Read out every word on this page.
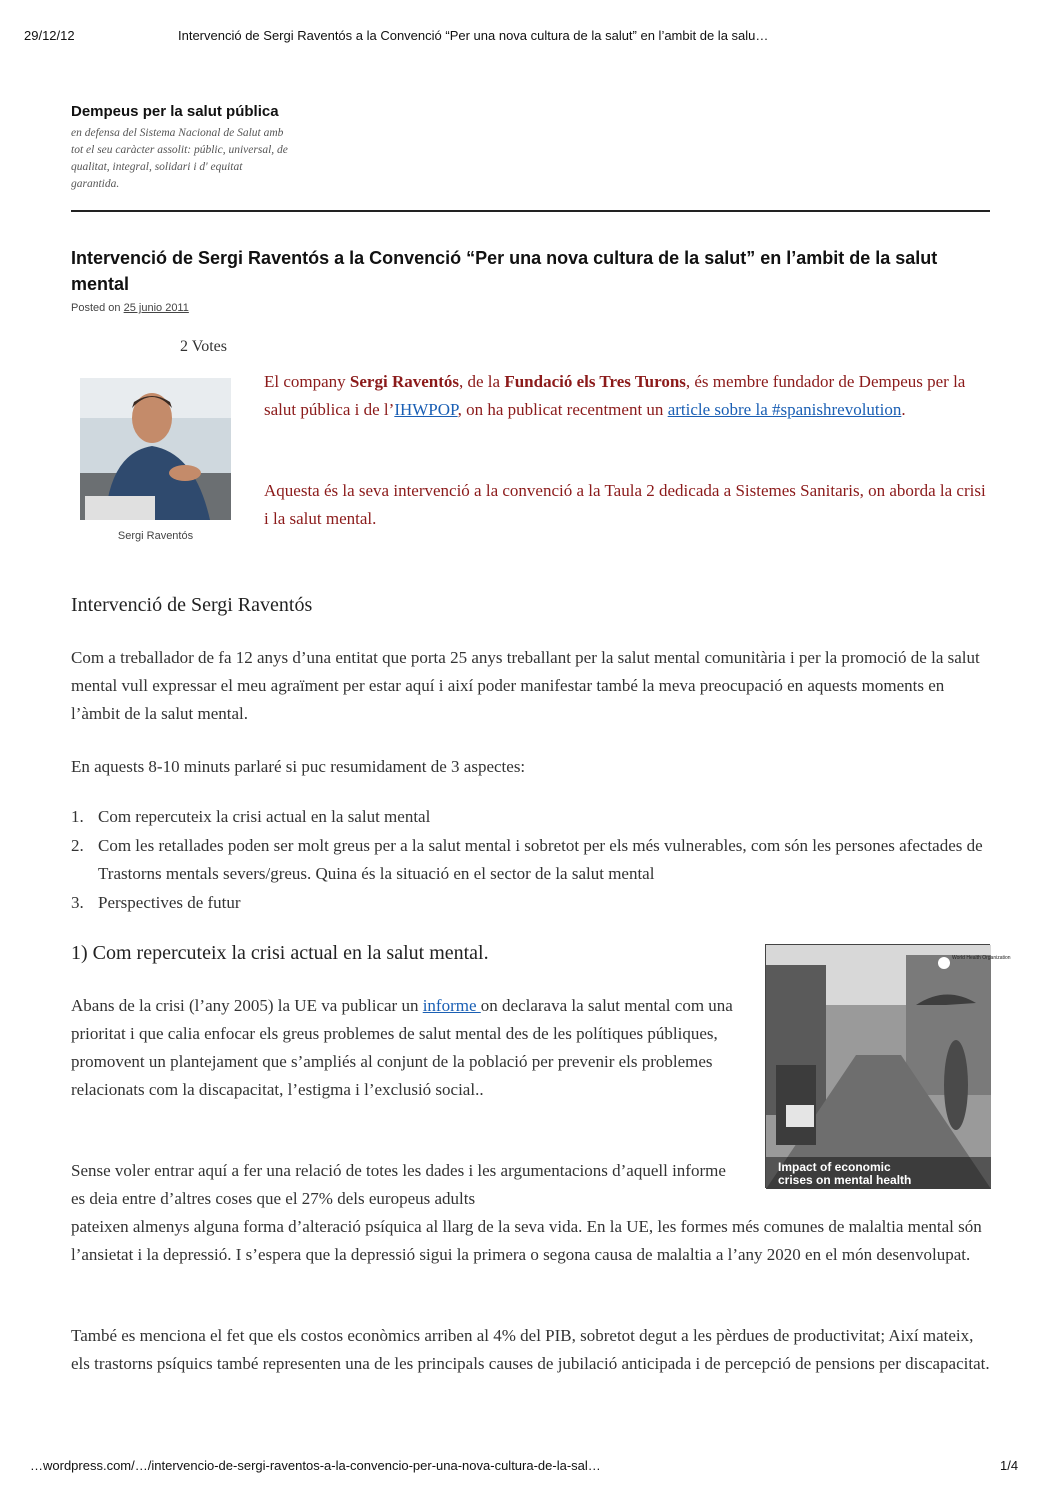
29/12/12	Intervenció de Sergi Raventós a la Convenció “Per una nova cultura de la salut” en l’ambit de la salu…
Dempeus per la salut pública
en defensa del Sistema Nacional de Salut amb tot el seu caràcter assolit: públic, universal, de qualitat, integral, solidari i d' equitat garantida.
Intervenció de Sergi Raventós a la Convenció “Per una nova cultura de la salut” en l’ambit de la salut mental
Posted on 25 junio 2011
2 Votes
Sergi Raventós
El company Sergi Raventós, de la Fundació els Tres Turons, és membre fundador de Dempeus per la salut pública i de l’IHWPOP, on ha publicat recentment un article sobre la #spanishrevolution.
Aquesta és la seva intervenció a la convenció a la Taula 2 dedicada a Sistemes Sanitaris, on aborda la crisi i la salut mental.
Intervenció de Sergi Raventós
Com a treballador de fa 12 anys d’una entitat que porta 25 anys treballant per la salut mental comunitària i per la promoció de la salut mental vull expressar el meu agraïment per estar aquí i així poder manifestar també la meva preocupació en aquests moments en l’àmbit de la salut mental.
En aquests 8-10 minuts parlaré si puc resumidament de 3 aspectes:
1. Com repercuteix la crisi actual en la salut mental
2. Com les retallades poden ser molt greus per a la salut mental i sobretot per els més vulnerables, com són les persones afectades de Trastorns mentals severs/greus. Quina és la situació en el sector de la salut mental
3. Perspectives de futur
1) Com repercuteix la crisi actual en la salut mental.
Abans de la crisi (l’any 2005) la UE va publicar un informe on declarava la salut mental com una prioritat i que calia enfocar els greus problemes de salut mental des de les polítiques públiques, promovent un plantejament que s’ampliés al conjunt de la població per prevenir els problemes relacionats com la discapacitat, l’estigma i l’exclusió social..
Sense voler entrar aquí a fer una relació de totes les dades i les argumentacions d’aquell informe es deia entre d’altres coses que el 27% dels europeus adults
pateixen almenys alguna forma d’alteració psíquica al llarg de la seva vida. En la UE, les formes més comunes de malaltia mental són l’ansietat i la depressió. I s’espera que la depressió sigui la primera o segona causa de malaltia a l’any 2020 en el món desenvolupat.
També es menciona el fet que els costos econòmics arriben al 4% del PIB, sobretot degut a les pèrdues de productivitat; Així mateix, els trastorns psíquics també representen una de les principals causes de jubilació anticipada i de percepció de pensions per discapacitat.
World Health Organization
Impact of economic
crises on mental health
…wordpress.com/…/intervencio-de-sergi-raventos-a-la-convencio-per-una-nova-cultura-de-la-sal…	1/4
